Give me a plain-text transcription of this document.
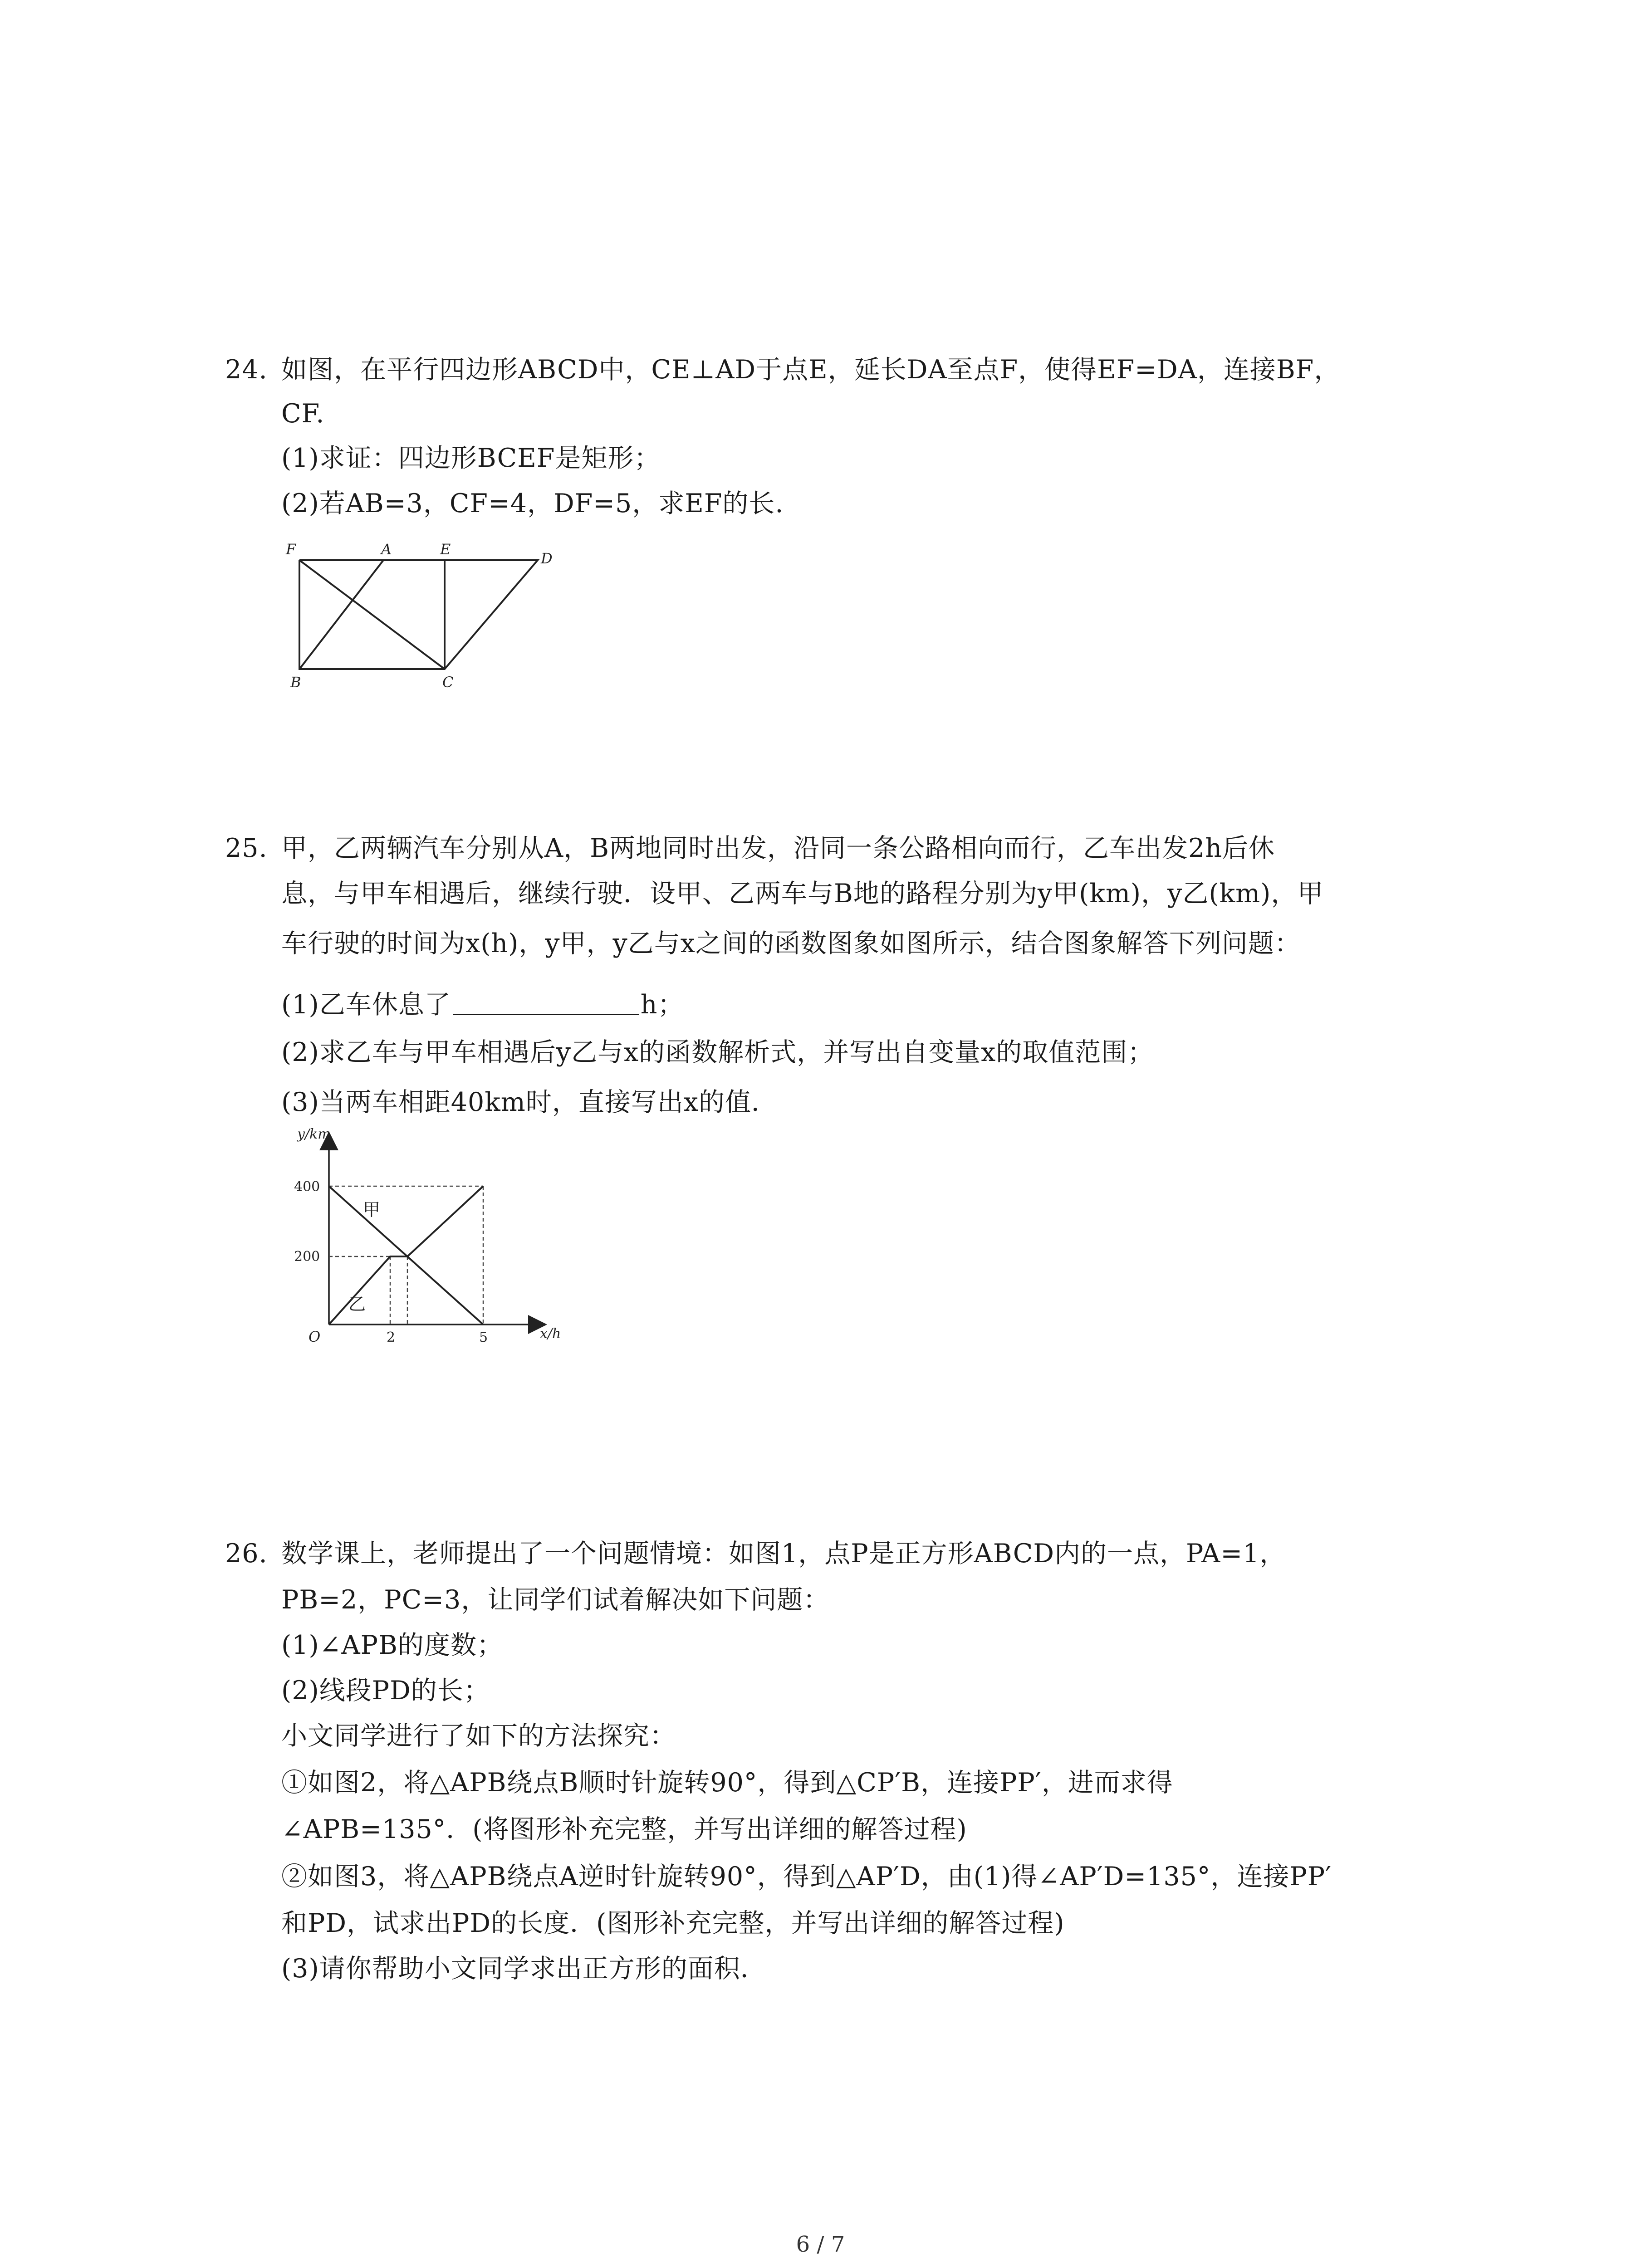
24. 如图，在平行四边形ABCD中，CE⊥AD于点E，延长DA至点F，使得EF=DA，连接BF，
CF.
(1)求证：四边形BCEF是矩形；
(2)若AB=3，CF=4，DF=5，求EF的长.
F	A	E
D
B	C
25. 甲，乙两辆汽车分别从A，B两地同时出发，沿同一条公路相向而行，乙车出发2h后休
息，与甲车相遇后，继续行驶．设甲、乙两车与B地的路程分别为y甲(km)，y乙(km)，甲
车行驶的时间为x(h)，y甲，y乙与x之间的函数图象如图所示，结合图象解答下列问题：
(1)乙车休息了	h；
(2)求乙车与甲车相遇后y乙与x的函数解析式，并写出自变量x的取值范围；
(3)当两车相距40km时，直接写出x的值．
y/km
x/h
O
400
200
2	5
甲
乙
26. 数学课上，老师提出了一个问题情境：如图1，点P是正方形ABCD内的一点，PA=1，
PB=2，PC=3，让同学们试着解决如下问题：
(1)∠APB的度数；
(2)线段PD的长；
小文同学进行了如下的方法探究：
①如图2，将△APB绕点B顺时针旋转90°，得到△CP′B，连接PP′，进而求得
∠APB=135°．(将图形补充完整，并写出详细的解答过程)
②如图3，将△APB绕点A逆时针旋转90°，得到△AP′D，由(1)得∠AP′D=135°，连接PP′
和PD，试求出PD的长度．(图形补充完整，并写出详细的解答过程)
(3)请你帮助小文同学求出正方形的面积．
6 / 7
